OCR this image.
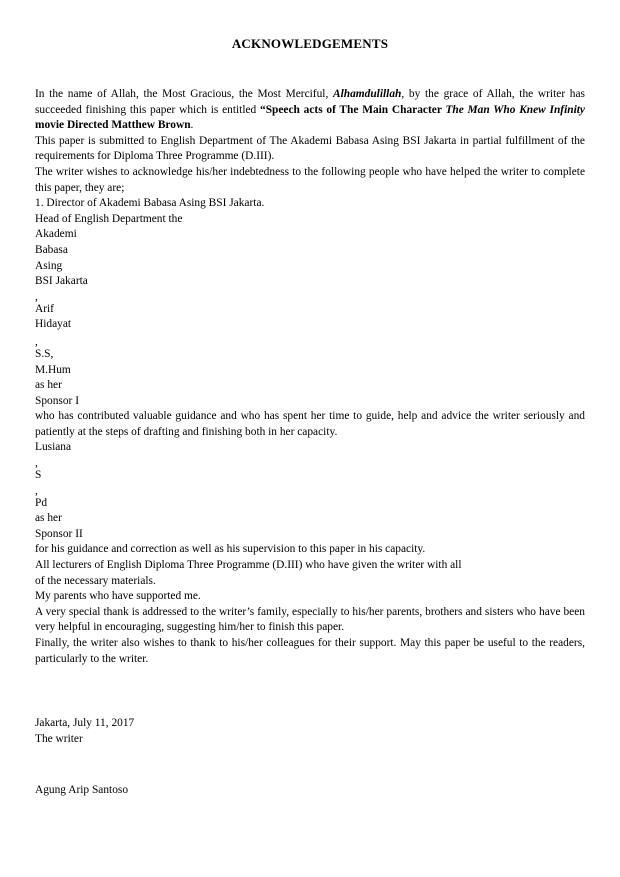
ACKNOWLEDGEMENTS

In the name of Allah, the Most Gracious, the Most Merciful, Alhamdulillah, by the grace of Allah, the writer has succeeded finishing this paper which is entitled “Speech acts of The Main Character The Man Who Knew Infinity movie Directed Matthew Brown.

This paper is submitted to English Department of The Akademi Babasa Asing BSI Jakarta in partial fulfillment of the requirements for Diploma Three Programme (D.III).

The writer wishes to acknowledge his/her indebtedness to the following people who have helped the writer to complete this paper, they are;

1. Director of Akademi Babasa Asing BSI Jakarta.

Head of English Department the

Akademi

Babasa

Asing

BSI Jakarta

,

Arif

Hidayat

,

S.S,

M.Hum

as her

Sponsor I

who has contributed valuable guidance and who has spent her time to guide, help and advice the writer seriously and patiently at the steps of drafting and finishing both in her capacity.

Lusiana

,

S

,

Pd

as her

Sponsor II

for his guidance and correction as well as his supervision to this paper in his capacity.

All lecturers of English Diploma Three Programme (D.III) who have given the writer with all

of the necessary materials.

My parents who have supported me.

A very special thank is addressed to the writer’s family, especially to his/her parents, brothers and sisters who have been very helpful in encouraging, suggesting him/her to finish this paper.

Finally, the writer also wishes to thank to his/her colleagues for their support. May this paper be useful to the readers, particularly to the writer.

Jakarta, July 11, 2017

The writer

Agung Arip Santoso
